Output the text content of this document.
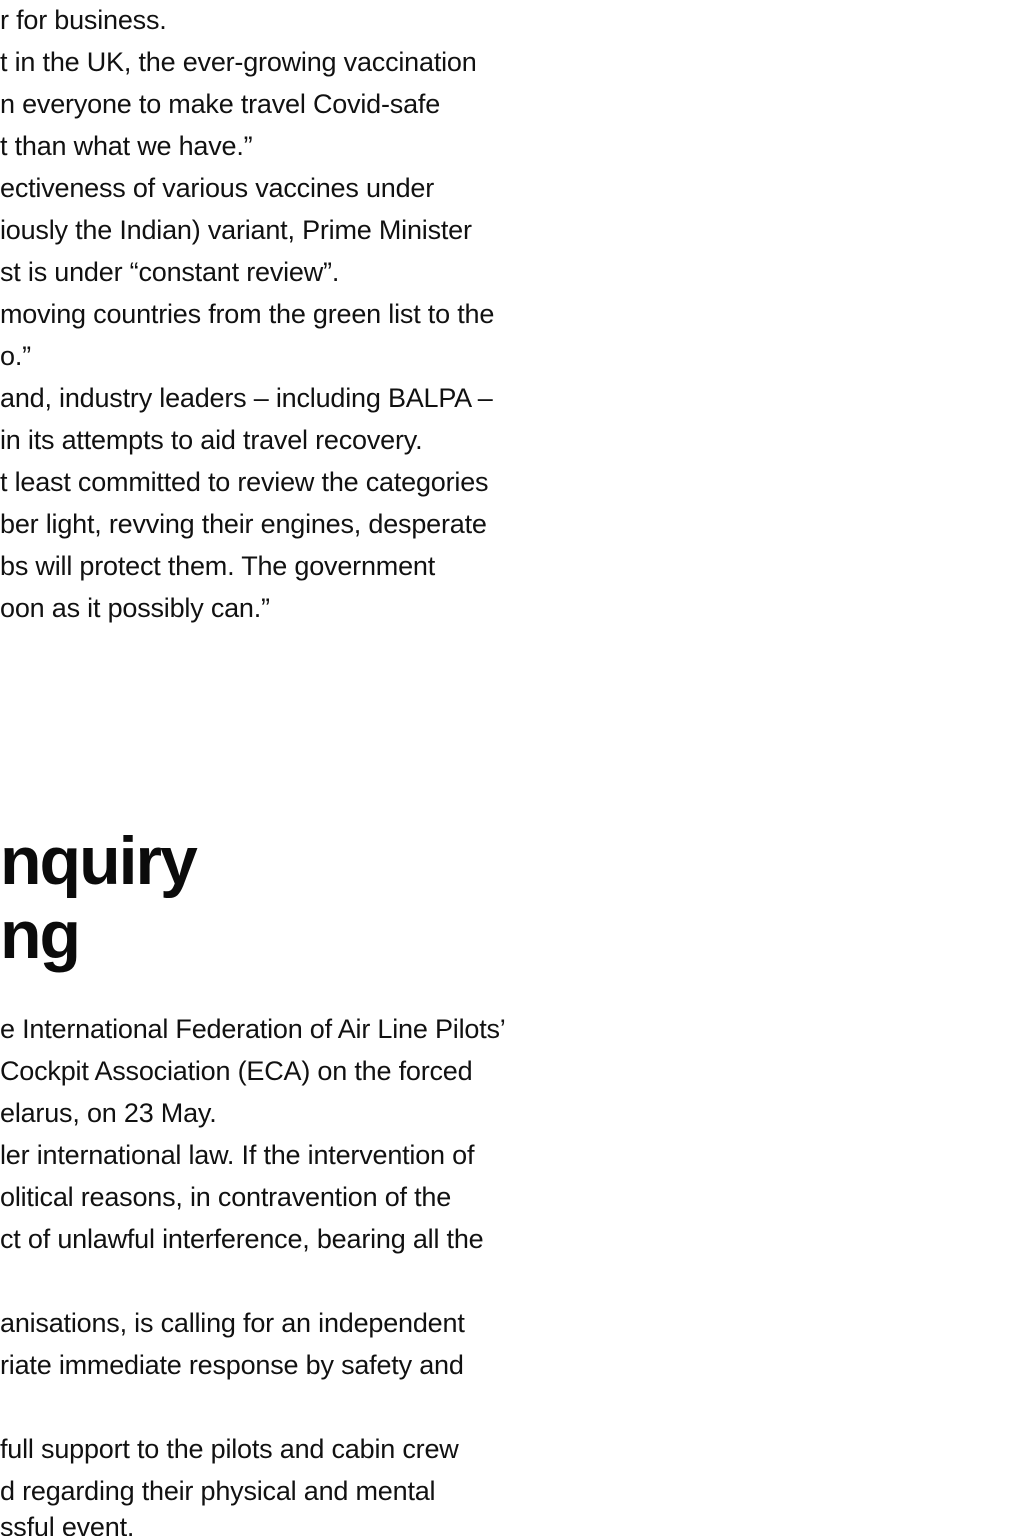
r for business.
t in the UK, the ever-growing vaccination
n everyone to make travel Covid-safe
t than what we have.”
ectiveness of various vaccines under
iously the Indian) variant, Prime Minister
st is under “constant review”.
moving countries from the green list to the
o.”
and, industry leaders – including BALPA –
in its attempts to aid travel recovery.
t least committed to review the categories
ber light, revving their engines, desperate
bs will protect them. The government
oon as it possibly can.”
nquiry
ng
e International Federation of Air Line Pilots’
Cockpit Association (ECA) on the forced
elarus, on 23 May.
ler international law. If the intervention of
olitical reasons, in contravention of the
ct of unlawful interference, bearing all the
anisations, is calling for an independent
riate immediate response by safety and
full support to the pilots and cabin crew
d regarding their physical and mental
ssful event.
